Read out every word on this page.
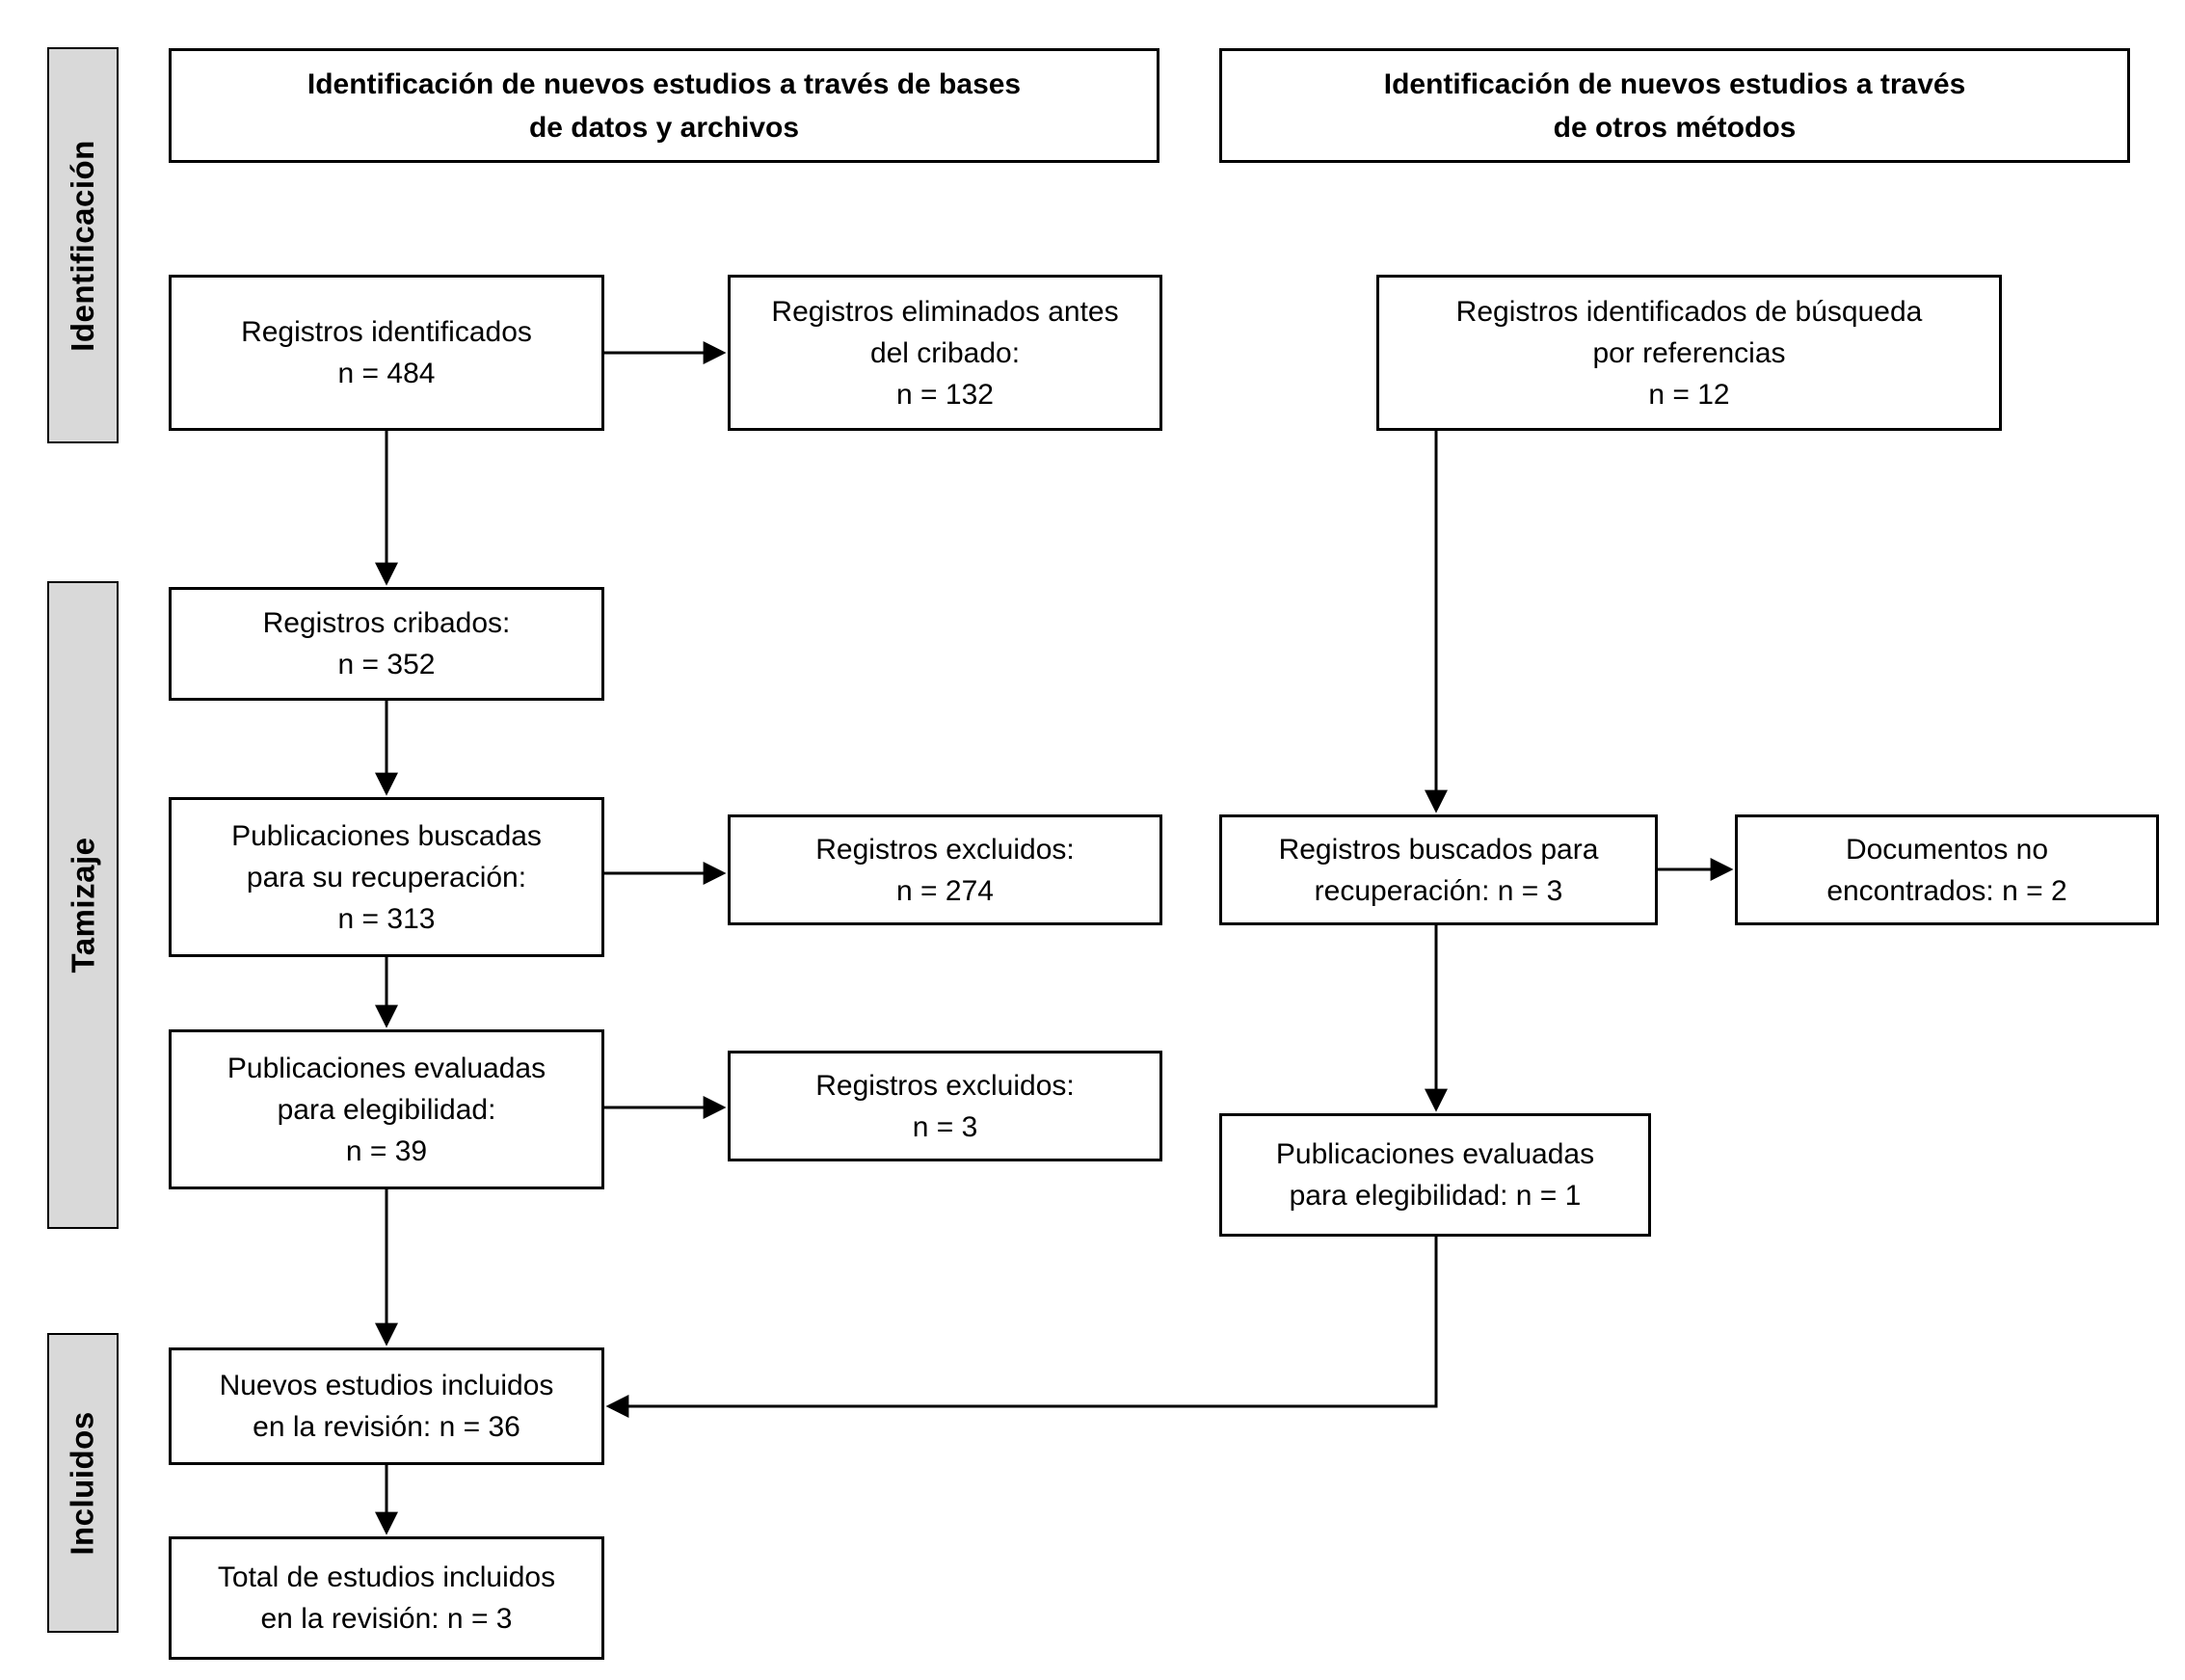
Identificación
Tamizaje
Incluidos
Identificación de nuevos estudios a través de bases
de datos y archivos
Identificación de nuevos estudios a través
de otros métodos
Registros identificados
n = 484
Registros eliminados antes
del cribado:
n = 132
Registros cribados:
n = 352
Publicaciones buscadas
para su recuperación:
n = 313
Registros excluidos:
n = 274
Publicaciones evaluadas
para elegibilidad:
n = 39
Registros excluidos:
n = 3
Nuevos estudios incluidos
en la revisión: n = 36
Total de estudios incluidos
en la revisión: n = 3
Registros identificados de búsqueda
por referencias
n = 12
Registros buscados para
recuperación: n = 3
Documentos no
encontrados: n = 2
Publicaciones evaluadas
para elegibilidad: n = 1
